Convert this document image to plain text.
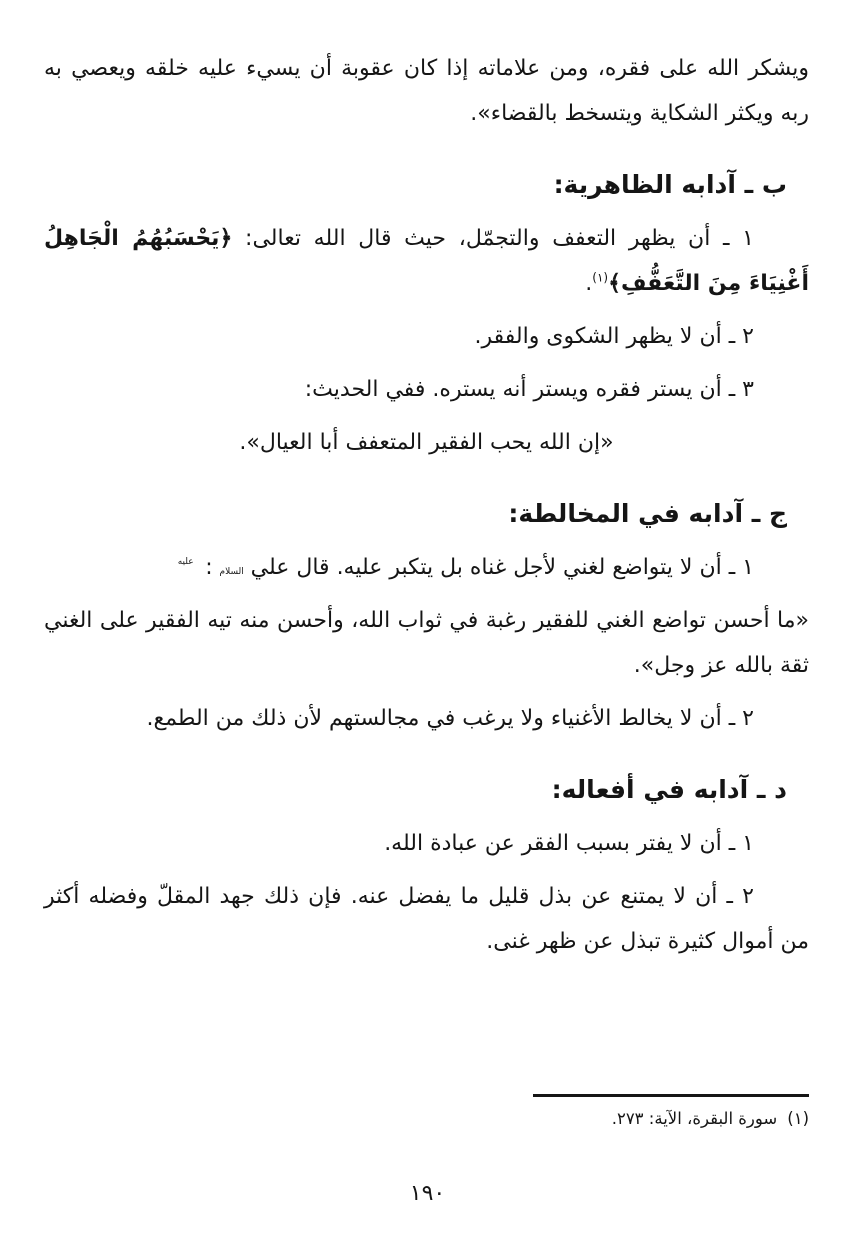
ويشكر الله على فقره، ومن علاماته إذا كان عقوبة أن يسيء عليه خلقه ويعصي به ربه ويكثر الشكاية ويتسخط بالقضاء».

ب ـ آدابه الظاهرية:

١ ـ أن يظهر التعفف والتجمّل، حيث قال الله تعالى: ﴿يَحْسَبُهُمُ الْجَاهِلُ أَغْنِيَاءَ مِنَ التَّعَفُّفِ﴾$^{(١)}$.

٢ ـ أن لا يظهر الشكوى والفقر.

٣ ـ أن يستر فقره ويستر أنه يستره. ففي الحديث:

«إن الله يحب الفقير المتعفف أبا العيال».

ج ـ آدابه في المخالطة:

١ ـ أن لا يتواضع لغني لأجل غناه بل يتكبر عليه. قال عليعليه السلام:

«ما أحسن تواضع الغني للفقير رغبة في ثواب الله، وأحسن منه تيه الفقير على الغني ثقة بالله عز وجل».

٢ ـ أن لا يخالط الأغنياء ولا يرغب في مجالستهم لأن ذلك من الطمع.

د ـ آدابه في أفعاله:

١ ـ أن لا يفتر بسبب الفقر عن عبادة الله.

٢ ـ أن لا يمتنع عن بذل قليل ما يفضل عنه. فإن ذلك جهد المقلّ وفضله أكثر من أموال كثيرة تبذل عن ظهر غنى.

(١)سورة البقرة، الآية: ٢٧٣.
١٩٠
